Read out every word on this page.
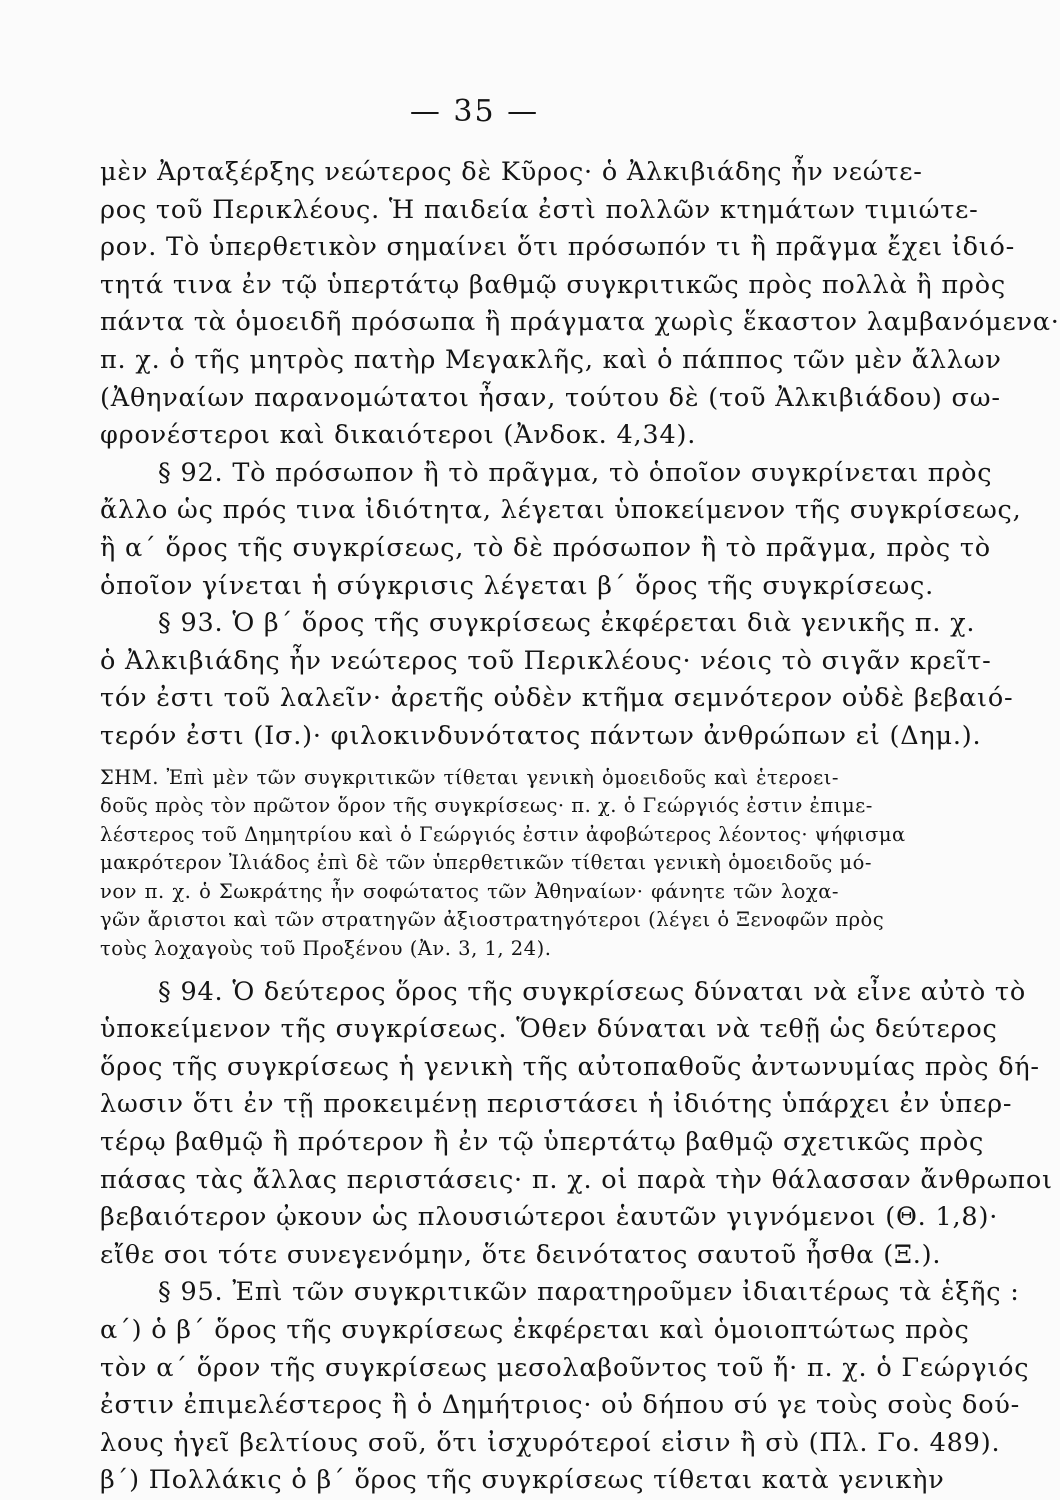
— 35 —
μὲν Ἀρταξέρξης νεώτερος δὲ Κῦρος· ὁ Ἀλκιβιάδης ἦν νεώτε-
ρος τοῦ Περικλέους. Ἡ παιδεία ἐστὶ πολλῶν κτημάτων τιμιώτε-
ρον. Τὸ ὑπερθετικὸν σημαίνει ὅτι πρόσωπόν τι ἢ πρᾶγμα ἔχει ἰδιό-
τητά τινα ἐν τῷ ὑπερτάτῳ βαθμῷ συγκριτικῶς πρὸς πολλὰ ἢ πρὸς
πάντα τὰ ὁμοειδῆ πρόσωπα ἢ πράγματα χωρὶς ἕκαστον λαμβανόμενα·
π. χ. ὁ τῆς μητρὸς πατὴρ Μεγακλῆς, καὶ ὁ πάππος τῶν μὲν ἄλλων
(Ἀθηναίων παρανομώτατοι ἦσαν, τούτου δὲ (τοῦ Ἀλκιβιάδου) σω-
φρονέστεροι καὶ δικαιότεροι (Ἀνδοκ. 4,34).
§ 92. Τὸ πρόσωπον ἢ τὸ πρᾶγμα, τὸ ὁποῖον συγκρίνεται πρὸς
ἄλλο ὡς πρός τινα ἰδιότητα, λέγεται ὑποκείμενον τῆς συγκρίσεως,
ἢ α΄ ὅρος τῆς συγκρίσεως, τὸ δὲ πρόσωπον ἢ τὸ πρᾶγμα, πρὸς τὸ
ὁποῖον γίνεται ἡ σύγκρισις λέγεται β΄ ὅρος τῆς συγκρίσεως.
§ 93. Ὁ β΄ ὅρος τῆς συγκρίσεως ἐκφέρεται διὰ γενικῆς π. χ.
ὁ Ἀλκιβιάδης ἦν νεώτερος τοῦ Περικλέους· νέοις τὸ σιγᾶν κρεῖτ-
τόν ἐστι τοῦ λαλεῖν· ἀρετῆς οὐδὲν κτῆμα σεμνότερον οὐδὲ βεβαιό-
τερόν ἐστι (Ισ.)· φιλοκινδυνότατος πάντων ἀνθρώπων εἰ (Δημ.).
ΣΗΜ. Ἐπὶ μὲν τῶν συγκριτικῶν τίθεται γενικὴ ὁμοειδοῦς καὶ ἑτεροει-
δοῦς πρὸς τὸν πρῶτον ὅρον τῆς συγκρίσεως· π. χ. ὁ Γεώργιός ἐστιν ἐπιμε-
λέστερος τοῦ Δημητρίου καὶ ὁ Γεώργιός ἐστιν ἀφοβώτερος λέοντος· ψήφισμα
μακρότερον Ἰλιάδος ἐπὶ δὲ τῶν ὑπερθετικῶν τίθεται γενικὴ ὁμοειδοῦς μό-
νον π. χ. ὁ Σωκράτης ἦν σοφώτατος τῶν Ἀθηναίων· φάνητε τῶν λοχα-
γῶν ἄριστοι καὶ τῶν στρατηγῶν ἀξιοστρατηγότεροι (λέγει ὁ Ξενοφῶν πρὸς
τοὺς λοχαγοὺς τοῦ Προξένου (Ἀν. 3, 1, 24).
§ 94. Ὁ δεύτερος ὅρος τῆς συγκρίσεως δύναται νὰ εἶνε αὐτὸ τὸ
ὑποκείμενον τῆς συγκρίσεως. Ὅθεν δύναται νὰ τεθῇ ὡς δεύτερος
ὅρος τῆς συγκρίσεως ἡ γενικὴ τῆς αὐτοπαθοῦς ἀντωνυμίας πρὸς δή-
λωσιν ὅτι ἐν τῇ προκειμένῃ περιστάσει ἡ ἰδιότης ὑπάρχει ἐν ὑπερ-
τέρῳ βαθμῷ ἢ πρότερον ἢ ἐν τῷ ὑπερτάτῳ βαθμῷ σχετικῶς πρὸς
πάσας τὰς ἄλλας περιστάσεις· π. χ. οἱ παρὰ τὴν θάλασσαν ἄνθρωποι
βεβαιότερον ᾠκουν ὡς πλουσιώτεροι ἑαυτῶν γιγνόμενοι (Θ. 1,8)·
εἴθε σοι τότε συνεγενόμην, ὅτε δεινότατος σαυτοῦ ἦσθα (Ξ.).
§ 95. Ἐπὶ τῶν συγκριτικῶν παρατηροῦμεν ἰδιαιτέρως τὰ ἑξῆς :
α΄) ὁ β΄ ὅρος τῆς συγκρίσεως ἐκφέρεται καὶ ὁμοιοπτώτως πρὸς
τὸν α΄ ὅρον τῆς συγκρίσεως μεσολαβοῦντος τοῦ ἤ· π. χ. ὁ Γεώργιός
ἐστιν ἐπιμελέστερος ἢ ὁ Δημήτριος· οὐ δήπου σύ γε τοὺς σοὺς δού-
λους ἡγεῖ βελτίους σοῦ, ὅτι ἰσχυρότεροί εἰσιν ἢ σὺ (Πλ. Γο. 489).
β΄) Πολλάκις ὁ β΄ ὅρος τῆς συγκρίσεως τίθεται κατὰ γενικὴν
